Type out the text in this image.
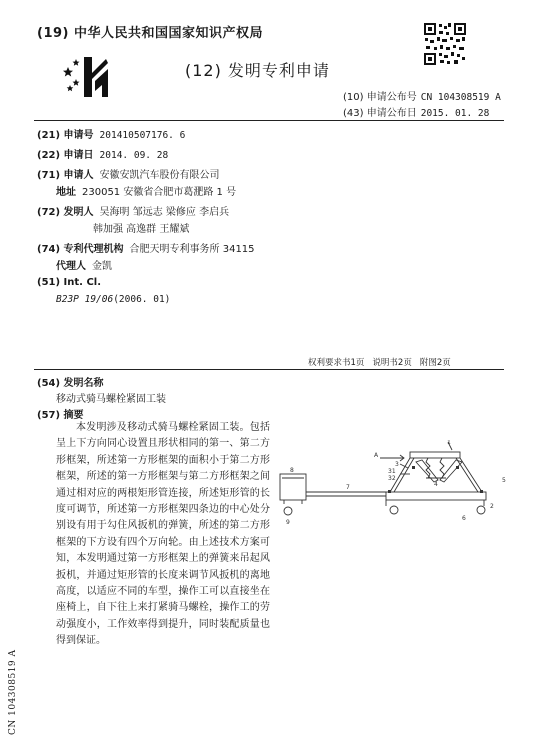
(19) 中华人民共和国国家知识产权局
(12) 发明专利申请
(10) 申请公布号 CN 104308519 A
(43) 申请公布日 2015. 01. 28
(21) 申请号 201410507176. 6
(22) 申请日 2014. 09. 28
(71) 申请人 安徽安凯汽车股份有限公司
地址 230051 安徽省合肥市葛淝路 1 号
(72) 发明人 吴海明 邹远志 梁修应 李启兵
韩加强 高逸群 王耀斌
(74) 专利代理机构 合肥天明专利事务所 34115
代理人 金凯
(51) Int. Cl.
B23P 19/06(2006. 01)
权利要求书1页 说明书2页 附图2页
(54) 发明名称
移动式骑马螺栓紧固工装
(57) 摘要
本发明涉及移动式骑马螺栓紧固工装。包括呈上下方向同心设置且形状相同的第一、第二方形框架，所述第一方形框架的面积小于第二方形框架，所述的第一方形框架与第二方形框架之间通过相对应的两根矩形管连接，所述矩形管的长度可调节，所述第一方形框架四条边的中心处分别设有用于勾住风扳机的弹簧，所述的第二方形框架的下方设有四个万向轮。由上述技术方案可知，本发明通过第一方形框架上的弹簧来吊起风扳机，并通过矩形管的长度来调节风扳机的离地高度，以适应不同的车型，操作工可以直接坐在座椅上，自下往上来打紧骑马螺栓，操作工的劳动强度小，工作效率得到提升，同时装配质量也得到保证。
1
A
3
31
32
4
8
7
2
5
6
9
CN 104308519 A
